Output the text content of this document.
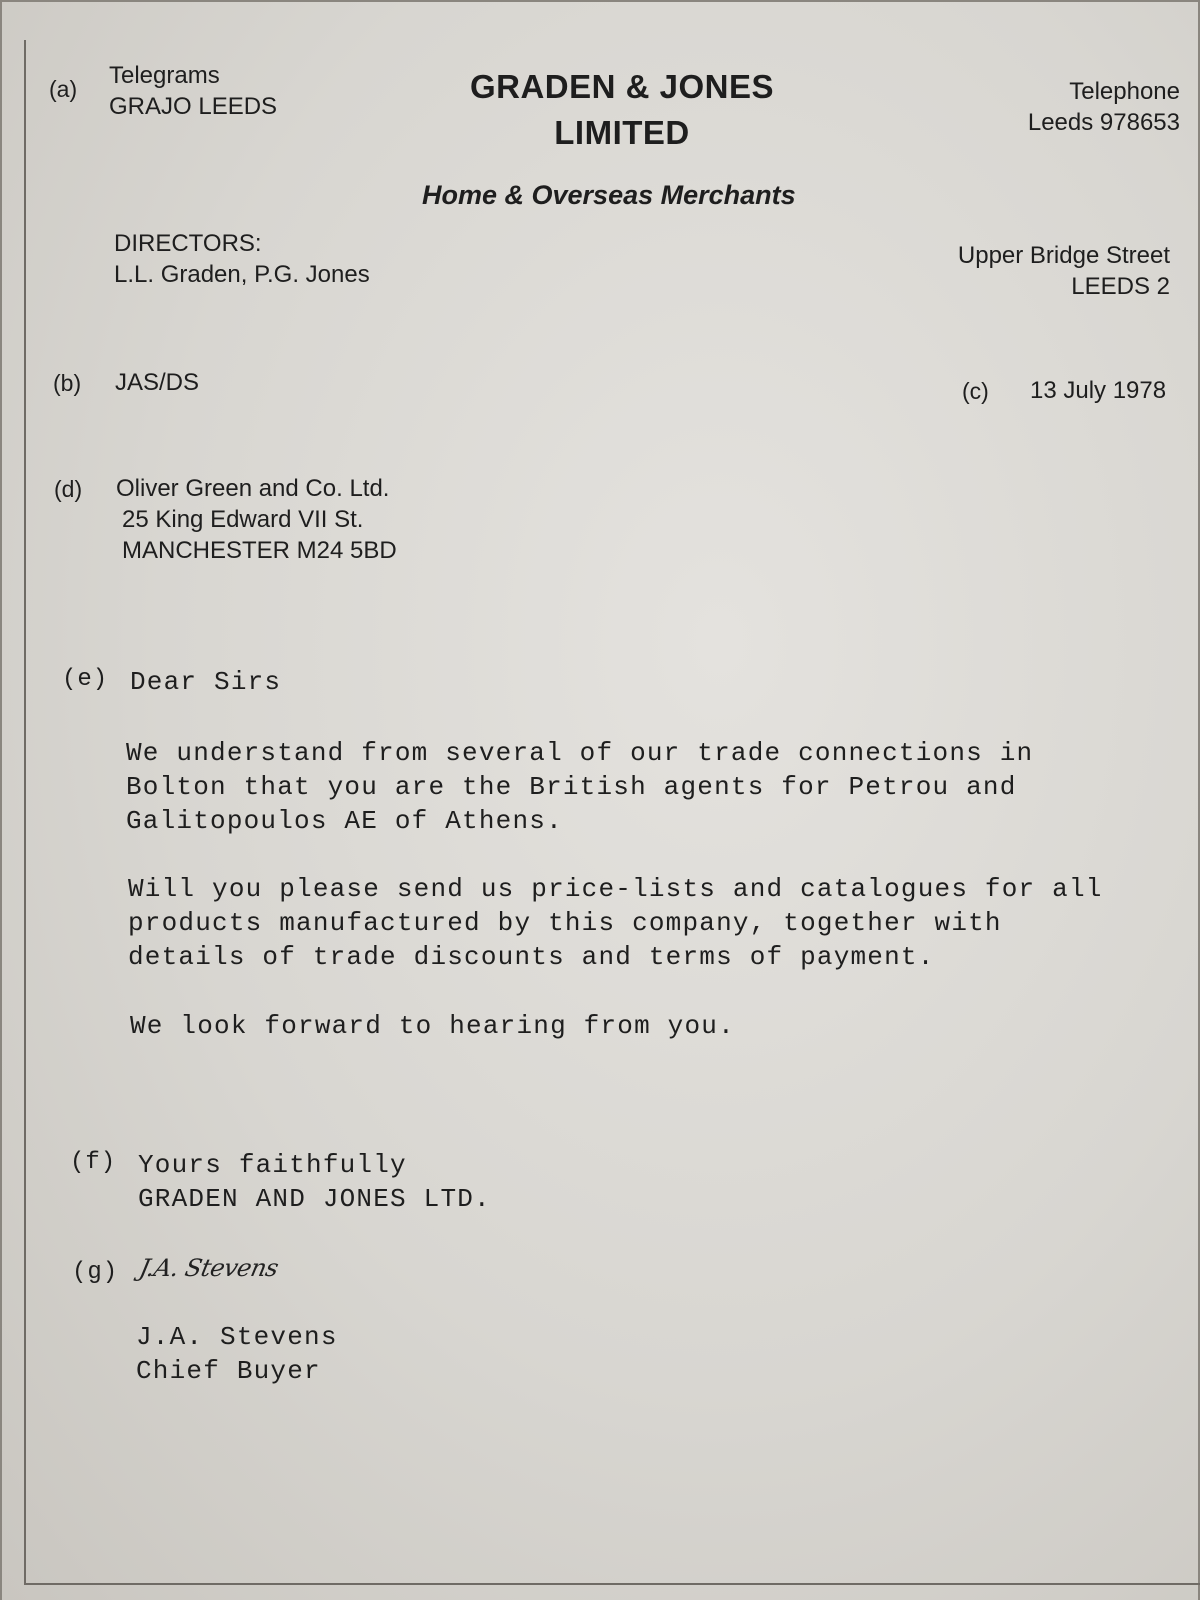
(a) Telegrams
GRAJO LEEDS
GRADEN & JONES
LIMITED
Telephone
Leeds 978653
Home & Overseas Merchants
DIRECTORS:
L.L. Graden, P.G. Jones
Upper Bridge Street
LEEDS 2
(b) JAS/DS	(c) 13 July 1978
(d) Oliver Green and Co. Ltd.
25 King Edward VII St.
MANCHESTER M24 5BD
(e) Dear Sirs
We understand from several of our trade connections in
Bolton that you are the British agents for Petrou and
Galitopoulos AE of Athens.
Will you please send us price-lists and catalogues for all
products manufactured by this company, together with
details of trade discounts and terms of payment.
We look forward to hearing from you.
(f) Yours faithfully
GRADEN AND JONES LTD.
(g) J.A. Stevens
J.A. Stevens
Chief Buyer
